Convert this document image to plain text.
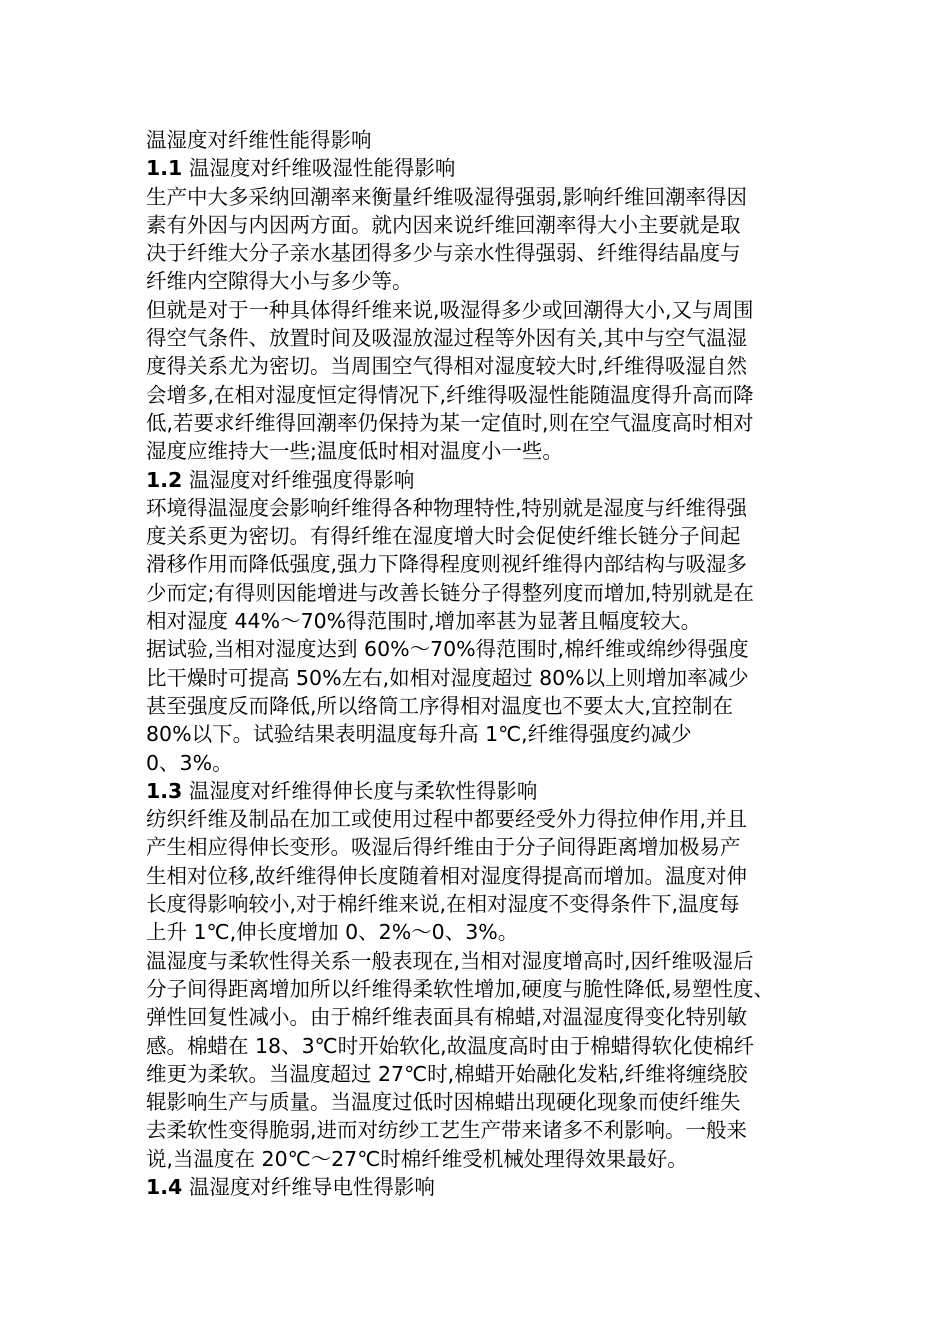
温湿度对纤维性能得影响
1.1 温湿度对纤维吸湿性能得影响
生产中大多采纳回潮率来衡量纤维吸湿得强弱,影响纤维回潮率得因
素有外因与内因两方面。就内因来说纤维回潮率得大小主要就是取
决于纤维大分子亲水基团得多少与亲水性得强弱、纤维得结晶度与
纤维内空隙得大小与多少等。
但就是对于一种具体得纤维来说,吸湿得多少或回潮得大小,又与周围
得空气条件、放置时间及吸湿放湿过程等外因有关,其中与空气温湿
度得关系尤为密切。当周围空气得相对湿度较大时,纤维得吸湿自然
会增多,在相对湿度恒定得情况下,纤维得吸湿性能随温度得升高而降
低,若要求纤维得回潮率仍保持为某一定值时,则在空气温度高时相对
湿度应维持大一些;温度低时相对温度小一些。
1.2 温湿度对纤维强度得影响
环境得温湿度会影响纤维得各种物理特性,特别就是湿度与纤维得强
度关系更为密切。有得纤维在湿度增大时会促使纤维长链分子间起
滑移作用而降低强度,强力下降得程度则视纤维得内部结构与吸湿多
少而定;有得则因能增进与改善长链分子得整列度而增加,特别就是在
相对湿度 44%～70%得范围时,增加率甚为显著且幅度较大。
据试验,当相对湿度达到 60%～70%得范围时,棉纤维或绵纱得强度
比干燥时可提高 50%左右,如相对湿度超过 80%以上则增加率减少
甚至强度反而降低,所以络筒工序得相对温度也不要太大,宜控制在
80%以下。试验结果表明温度每升高 1℃,纤维得强度约减少
0、3%。
1.3 温湿度对纤维得伸长度与柔软性得影响
纺织纤维及制品在加工或使用过程中都要经受外力得拉伸作用,并且
产生相应得伸长变形。吸湿后得纤维由于分子间得距离增加极易产
生相对位移,故纤维得伸长度随着相对湿度得提高而增加。温度对伸
长度得影响较小,对于棉纤维来说,在相对湿度不变得条件下,温度每
上升 1℃,伸长度增加 0、2%～0、3%。
温湿度与柔软性得关系一般表现在,当相对湿度增高时,因纤维吸湿后
分子间得距离增加所以纤维得柔软性增加,硬度与脆性降低,易塑性度、
弹性回复性减小。由于棉纤维表面具有棉蜡,对温湿度得变化特别敏
感。棉蜡在 18、3℃时开始软化,故温度高时由于棉蜡得软化使棉纤
维更为柔软。当温度超过 27℃时,棉蜡开始融化发粘,纤维将缠绕胶
辊影响生产与质量。当温度过低时因棉蜡出现硬化现象而使纤维失
去柔软性变得脆弱,进而对纺纱工艺生产带来诸多不利影响。一般来
说,当温度在 20℃～27℃时棉纤维受机械处理得效果最好。
1.4 温湿度对纤维导电性得影响
